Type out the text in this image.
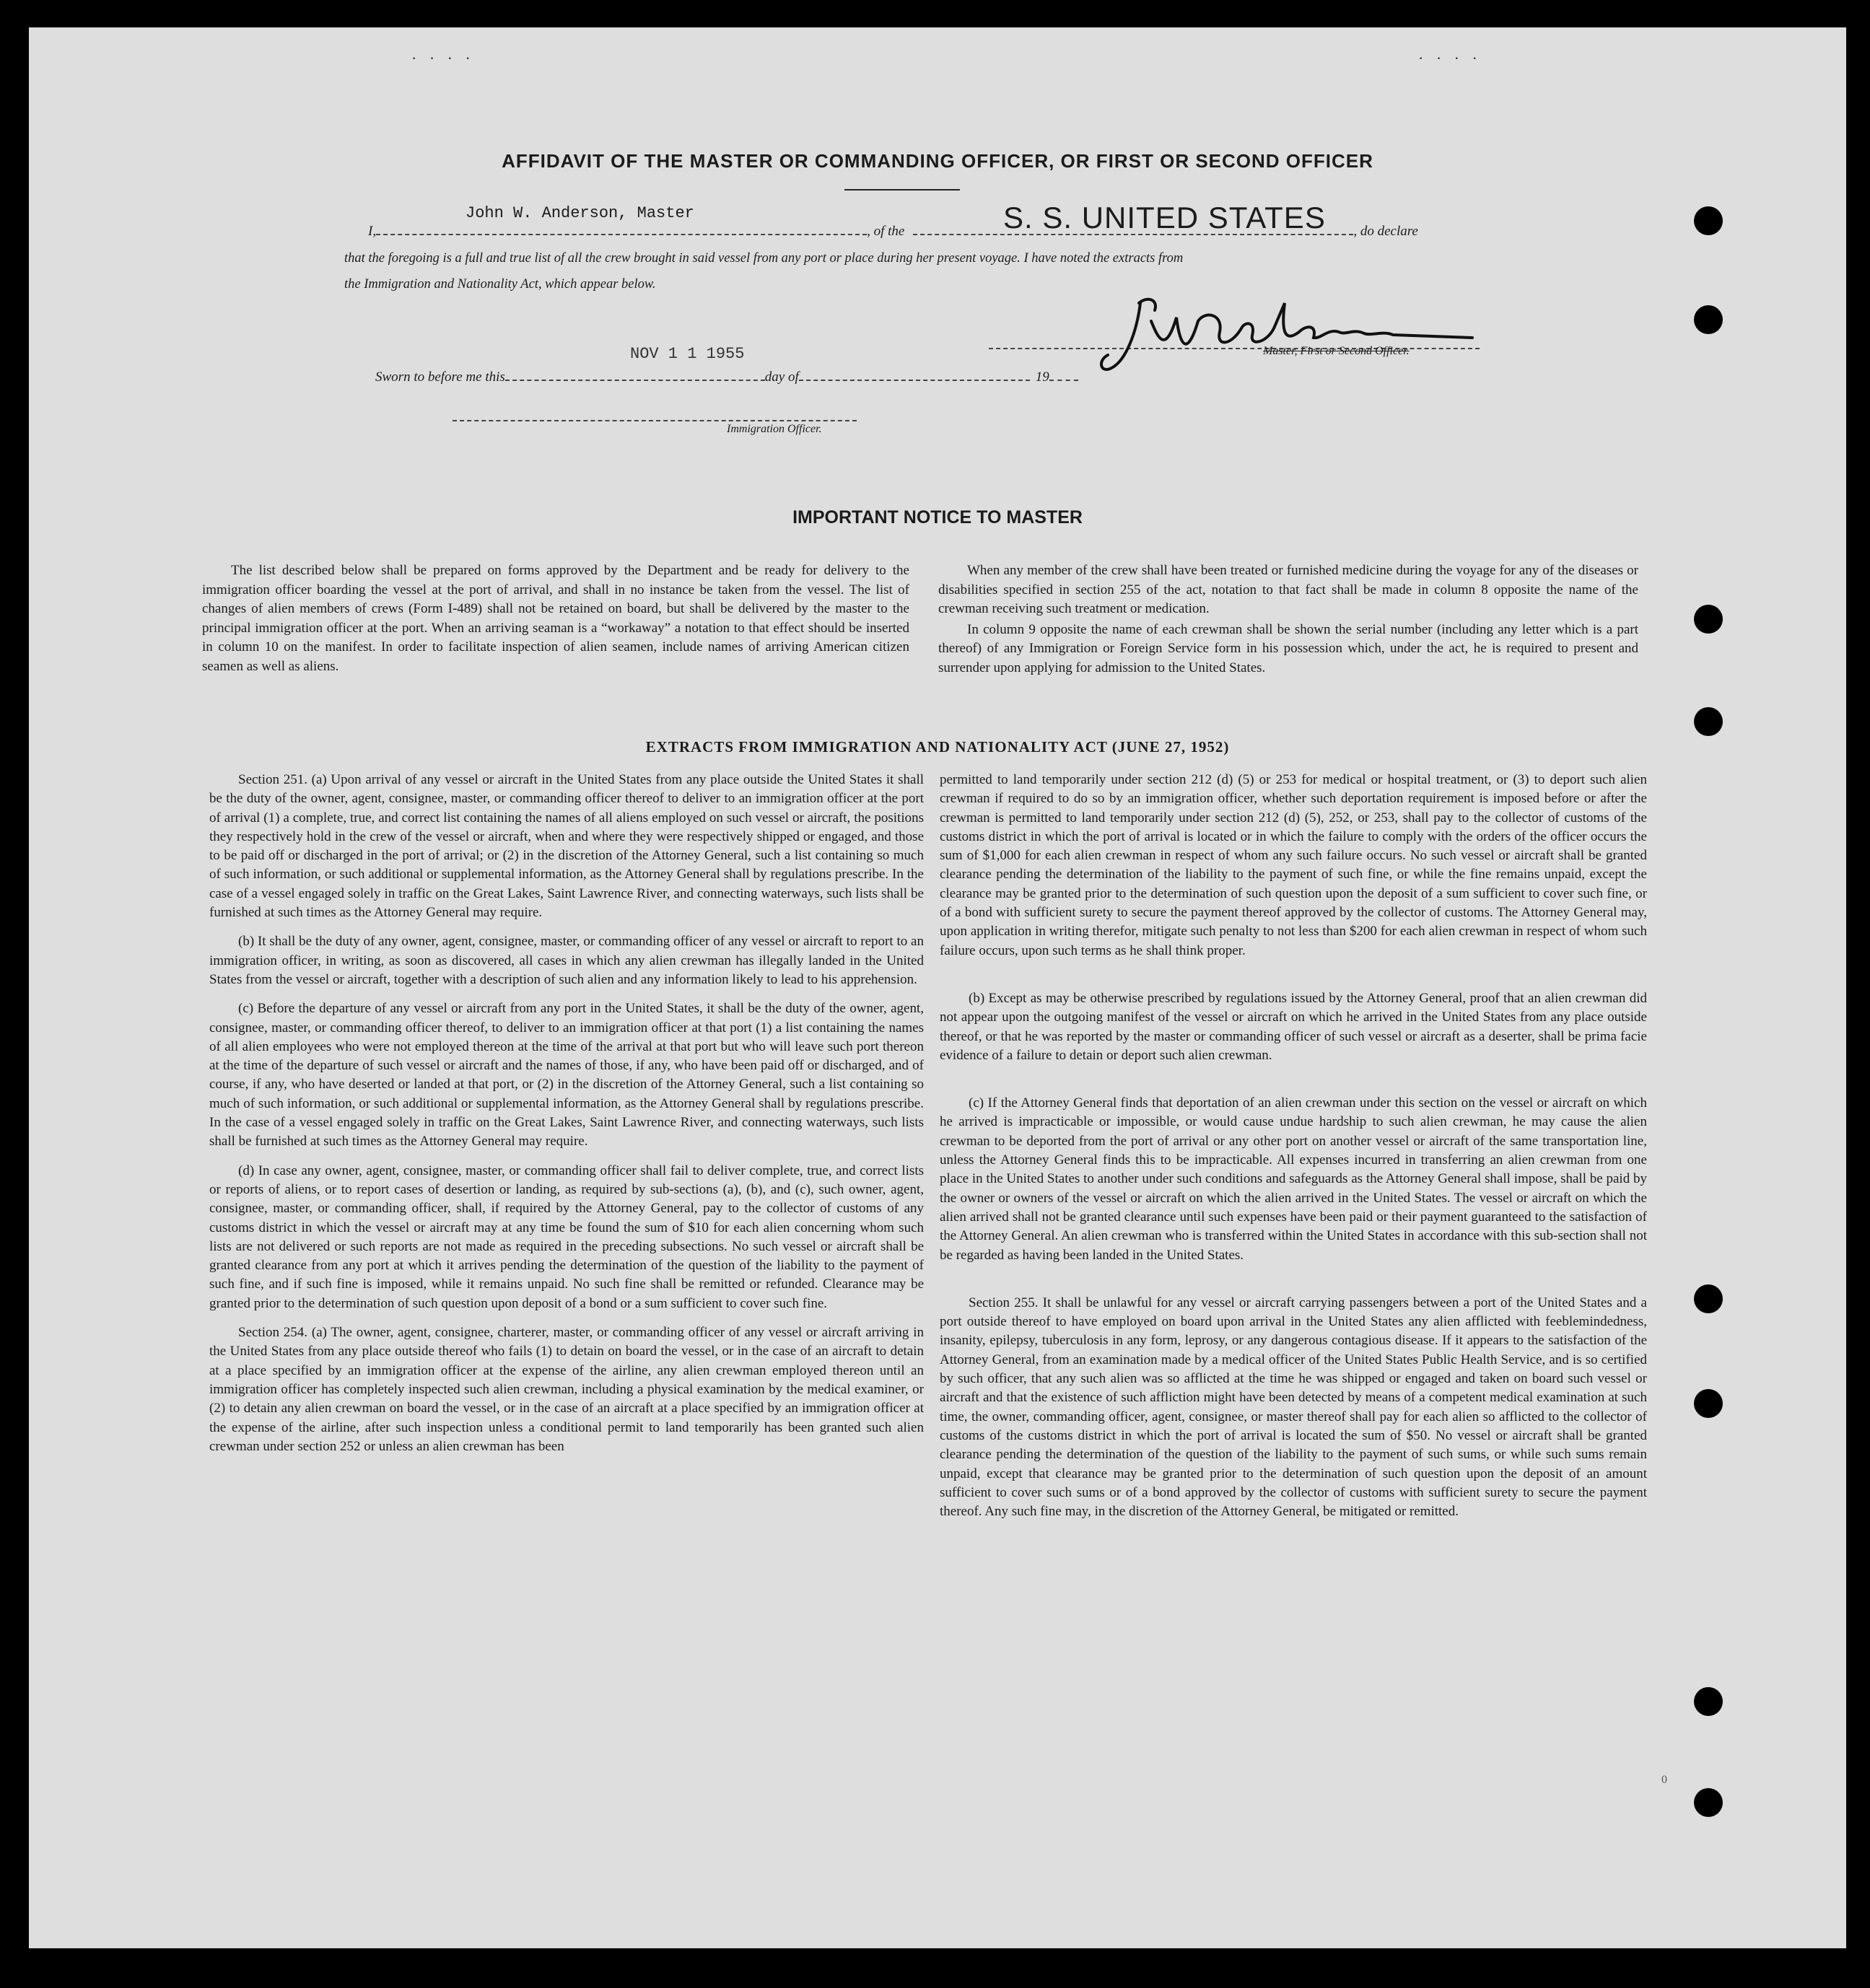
· · · ·	· · · ·
AFFIDAVIT OF THE MASTER OR COMMANDING OFFICER, OR FIRST OR SECOND OFFICER
John W. Anderson, Master	S. S. UNITED STATES
I,	, of the	, do declare
that the foregoing is a full and true list of all the crew brought in said vessel from any port or place during her present voyage. I have noted the extracts from
the Immigration and Nationality Act, which appear below.
Master, First or Second Officer.
NOV 1 1 1955
Sworn to before me this	day of	19
Immigration Officer.
IMPORTANT NOTICE TO MASTER

The list described below shall be prepared on forms approved by the Department and be ready for delivery to the immigration officer boarding the vessel at the port of arrival, and shall in no instance be taken from the vessel. The list of changes of alien members of crews (Form I-489) shall not be retained on board, but shall be delivered by the master to the principal immigration officer at the port. When an arriving seaman is a “workaway” a notation to that effect should be inserted in column 10 on the manifest. In order to facilitate inspection of alien seamen, include names of arriving American citizen seamen as well as aliens.

When any member of the crew shall have been treated or furnished medicine during the voyage for any of the diseases or disabilities specified in section 255 of the act, notation to that fact shall be made in column 8 opposite the name of the crewman receiving such treatment or medication.

In column 9 opposite the name of each crewman shall be shown the serial number (including any letter which is a part thereof) of any Immigration or Foreign Service form in his possession which, under the act, he is required to present and surrender upon applying for admission to the United States.

EXTRACTS FROM IMMIGRATION AND NATIONALITY ACT (JUNE 27, 1952)

Section 251. (a) Upon arrival of any vessel or aircraft in the United States from any place outside the United States it shall be the duty of the owner, agent, consignee, master, or commanding officer thereof to deliver to an immigration officer at the port of arrival (1) a complete, true, and correct list containing the names of all aliens employed on such vessel or aircraft, the positions they respectively hold in the crew of the vessel or aircraft, when and where they were respectively shipped or engaged, and those to be paid off or discharged in the port of arrival; or (2) in the discretion of the Attorney General, such a list containing so much of such information, or such additional or supplemental information, as the Attorney General shall by regulations prescribe. In the case of a vessel engaged solely in traffic on the Great Lakes, Saint Lawrence River, and connecting waterways, such lists shall be furnished at such times as the Attorney General may require.

(b) It shall be the duty of any owner, agent, consignee, master, or commanding officer of any vessel or aircraft to report to an immigration officer, in writing, as soon as discovered, all cases in which any alien crewman has illegally landed in the United States from the vessel or aircraft, together with a description of such alien and any information likely to lead to his apprehension.

(c) Before the departure of any vessel or aircraft from any port in the United States, it shall be the duty of the owner, agent, consignee, master, or commanding officer thereof, to deliver to an immigration officer at that port (1) a list containing the names of all alien employees who were not employed thereon at the time of the arrival at that port but who will leave such port thereon at the time of the departure of such vessel or aircraft and the names of those, if any, who have been paid off or discharged, and of course, if any, who have deserted or landed at that port, or (2) in the discretion of the Attorney General, such a list containing so much of such information, or such additional or supplemental information, as the Attorney General shall by regulations prescribe. In the case of a vessel engaged solely in traffic on the Great Lakes, Saint Lawrence River, and connecting waterways, such lists shall be furnished at such times as the Attorney General may require.

(d) In case any owner, agent, consignee, master, or commanding officer shall fail to deliver complete, true, and correct lists or reports of aliens, or to report cases of desertion or landing, as required by sub-sections (a), (b), and (c), such owner, agent, consignee, master, or commanding officer, shall, if required by the Attorney General, pay to the collector of customs of any customs district in which the vessel or aircraft may at any time be found the sum of $10 for each alien concerning whom such lists are not delivered or such reports are not made as required in the preceding subsections. No such vessel or aircraft shall be granted clearance from any port at which it arrives pending the determination of the question of the liability to the payment of such fine, and if such fine is imposed, while it remains unpaid. No such fine shall be remitted or refunded. Clearance may be granted prior to the determination of such question upon deposit of a bond or a sum sufficient to cover such fine.

Section 254. (a) The owner, agent, consignee, charterer, master, or commanding officer of any vessel or aircraft arriving in the United States from any place outside thereof who fails (1) to detain on board the vessel, or in the case of an aircraft to detain at a place specified by an immigration officer at the expense of the airline, any alien crewman employed thereon until an immigration officer has completely inspected such alien crewman, including a physical examination by the medical examiner, or (2) to detain any alien crewman on board the vessel, or in the case of an aircraft at a place specified by an immigration officer at the expense of the airline, after such inspection unless a conditional permit to land temporarily has been granted such alien crewman under section 252 or unless an alien crewman has been

permitted to land temporarily under section 212 (d) (5) or 253 for medical or hospital treatment, or (3) to deport such alien crewman if required to do so by an immigration officer, whether such deportation requirement is imposed before or after the crewman is permitted to land temporarily under section 212 (d) (5), 252, or 253, shall pay to the collector of customs of the customs district in which the port of arrival is located or in which the failure to comply with the orders of the officer occurs the sum of $1,000 for each alien crewman in respect of whom any such failure occurs. No such vessel or aircraft shall be granted clearance pending the determination of the liability to the payment of such fine, or while the fine remains unpaid, except the clearance may be granted prior to the determination of such question upon the deposit of a sum sufficient to cover such fine, or of a bond with sufficient surety to secure the payment thereof approved by the collector of customs. The Attorney General may, upon application in writing therefor, mitigate such penalty to not less than $200 for each alien crewman in respect of whom such failure occurs, upon such terms as he shall think proper.

(b) Except as may be otherwise prescribed by regulations issued by the Attorney General, proof that an alien crewman did not appear upon the outgoing manifest of the vessel or aircraft on which he arrived in the United States from any place outside thereof, or that he was reported by the master or commanding officer of such vessel or aircraft as a deserter, shall be prima facie evidence of a failure to detain or deport such alien crewman.

(c) If the Attorney General finds that deportation of an alien crewman under this section on the vessel or aircraft on which he arrived is impracticable or impossible, or would cause undue hardship to such alien crewman, he may cause the alien crewman to be deported from the port of arrival or any other port on another vessel or aircraft of the same transportation line, unless the Attorney General finds this to be impracticable. All expenses incurred in transferring an alien crewman from one place in the United States to another under such conditions and safeguards as the Attorney General shall impose, shall be paid by the owner or owners of the vessel or aircraft on which the alien arrived in the United States. The vessel or aircraft on which the alien arrived shall not be granted clearance until such expenses have been paid or their payment guaranteed to the satisfaction of the Attorney General. An alien crewman who is transferred within the United States in accordance with this sub-section shall not be regarded as having been landed in the United States.

Section 255. It shall be unlawful for any vessel or aircraft carrying passengers between a port of the United States and a port outside thereof to have employed on board upon arrival in the United States any alien afflicted with feeblemindedness, insanity, epilepsy, tuberculosis in any form, leprosy, or any dangerous contagious disease. If it appears to the satisfaction of the Attorney General, from an examination made by a medical officer of the United States Public Health Service, and is so certified by such officer, that any such alien was so afflicted at the time he was shipped or engaged and taken on board such vessel or aircraft and that the existence of such affliction might have been detected by means of a competent medical examination at such time, the owner, commanding officer, agent, consignee, or master thereof shall pay for each alien so afflicted to the collector of customs of the customs district in which the port of arrival is located the sum of $50. No vessel or aircraft shall be granted clearance pending the determination of the question of the liability to the payment of such sums, or while such sums remain unpaid, except that clearance may be granted prior to the determination of such question upon the deposit of an amount sufficient to cover such sums or of a bond approved by the collector of customs with sufficient surety to secure the payment thereof. Any such fine may, in the discretion of the Attorney General, be mitigated or remitted.

0
